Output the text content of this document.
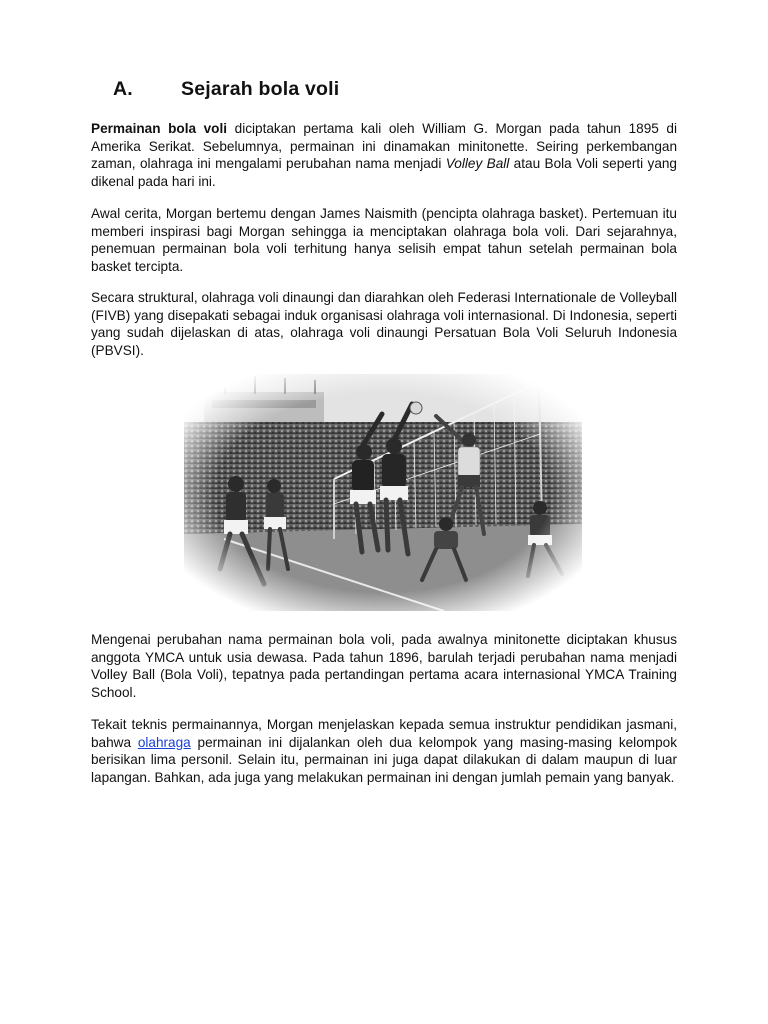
A. Sejarah bola voli

Permainan bola voli diciptakan pertama kali oleh William G. Morgan pada tahun 1895 di Amerika Serikat. Sebelumnya, permainan ini dinamakan minitonette. Seiring perkembangan zaman, olahraga ini mengalami perubahan nama menjadi Volley Ball atau Bola Voli seperti yang dikenal pada hari ini.

Awal cerita, Morgan bertemu dengan James Naismith (pencipta olahraga basket). Pertemuan itu memberi inspirasi bagi Morgan sehingga ia menciptakan olahraga bola voli. Dari sejarahnya, penemuan permainan bola voli terhitung hanya selisih empat tahun setelah permainan bola basket tercipta.

Secara struktural, olahraga voli dinaungi dan diarahkan oleh Federasi Internationale de Volleyball (FIVB) yang disepakati sebagai induk organisasi olahraga voli internasional. Di Indonesia, seperti yang sudah dijelaskan di atas, olahraga voli dinaungi Persatuan Bola Voli Seluruh Indonesia (PBVSI).

Mengenai perubahan nama permainan bola voli, pada awalnya minitonette diciptakan khusus anggota YMCA untuk usia dewasa. Pada tahun 1896, barulah terjadi perubahan nama menjadi Volley Ball (Bola Voli), tepatnya pada pertandingan pertama acara internasional YMCA Training School.

Tekait teknis permainannya, Morgan menjelaskan kepada semua instruktur pendidikan jasmani, bahwa olahraga permainan ini dijalankan oleh dua kelompok yang masing-masing kelompok berisikan lima personil. Selain itu, permainan ini juga dapat dilakukan di dalam maupun di luar lapangan. Bahkan, ada juga yang melakukan permainan ini dengan jumlah pemain yang banyak.
